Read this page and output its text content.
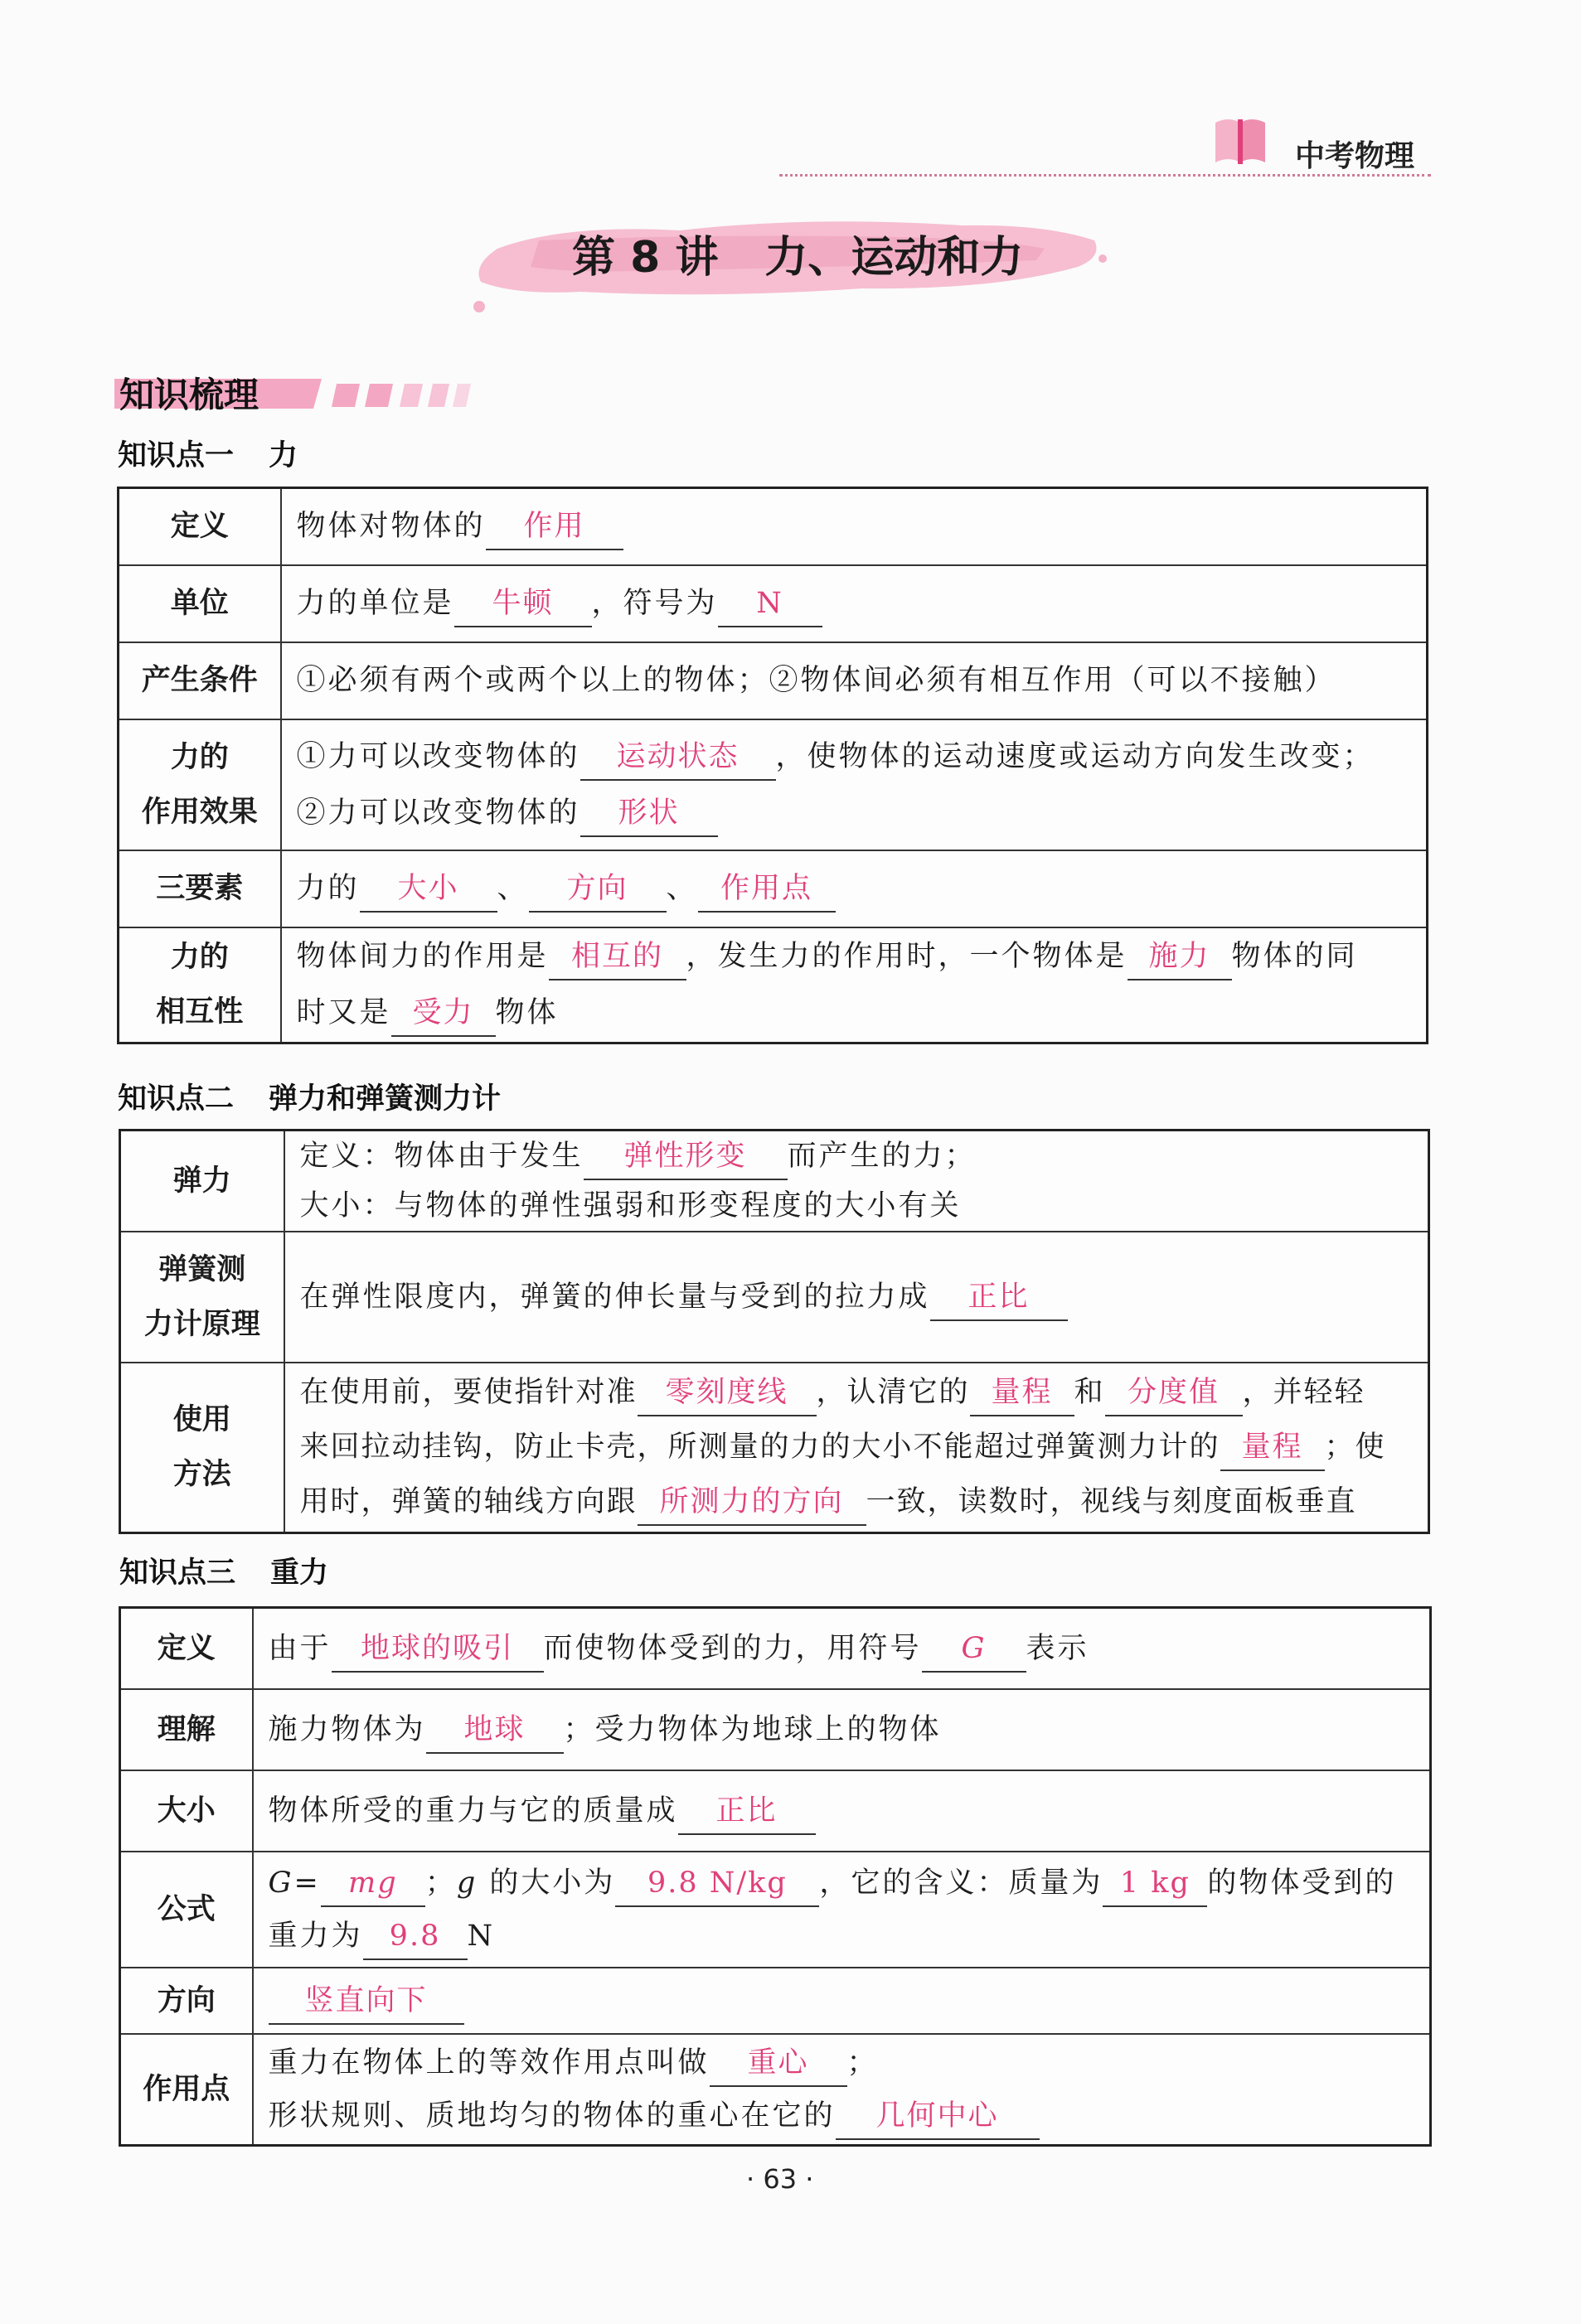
中考物理
第 8 讲 力、运动和力
知识梳理
知识点一 力
定义	物体对物体的 作用
单位	力的单位是 牛顿 ，符号为 N
产生条件	①必须有两个或两个以上的物体；②物体间必须有相互作用（可以不接触）
力的
作用效果	①力可以改变物体的 运动状态 ，使物体的运动速度或运动方向发生改变；
②力可以改变物体的 形状
三要素	力的 大小 、 方向 、 作用点
力的
相互性	物体间力的作用是 相互的 ，发生力的作用时，一个物体是 施力 物体的同
时又是 受力 物体
知识点二 弹力和弹簧测力计
弹力	定义：物体由于发生 弹性形变 而产生的力；
大小：与物体的弹性强弱和形变程度的大小有关
弹簧测
力计原理	在弹性限度内，弹簧的伸长量与受到的拉力成 正比
使用
方法	在使用前，要使指针对准 零刻度线 ，认清它的 量程 和 分度值 ，并轻轻
来回拉动挂钩，防止卡壳，所测量的力的大小不能超过弹簧测力计的 量程 ；使
用时，弹簧的轴线方向跟 所测力的方向 一致，读数时，视线与刻度面板垂直
知识点三 重力
定义	由于 地球的吸引 而使物体受到的力，用符号 G 表示
理解	施力物体为 地球 ；受力物体为地球上的物体
大小	物体所受的重力与它的质量成 正比
公式	G= mg ；g 的大小为 9.8 N/kg ，它的含义：质量为 1 kg 的物体受到的
重力为 9.8 N
方向	竖直向下
作用点	重力在物体上的等效作用点叫做 重心 ；
形状规则、质地均匀的物体的重心在它的 几何中心
· 63 ·
